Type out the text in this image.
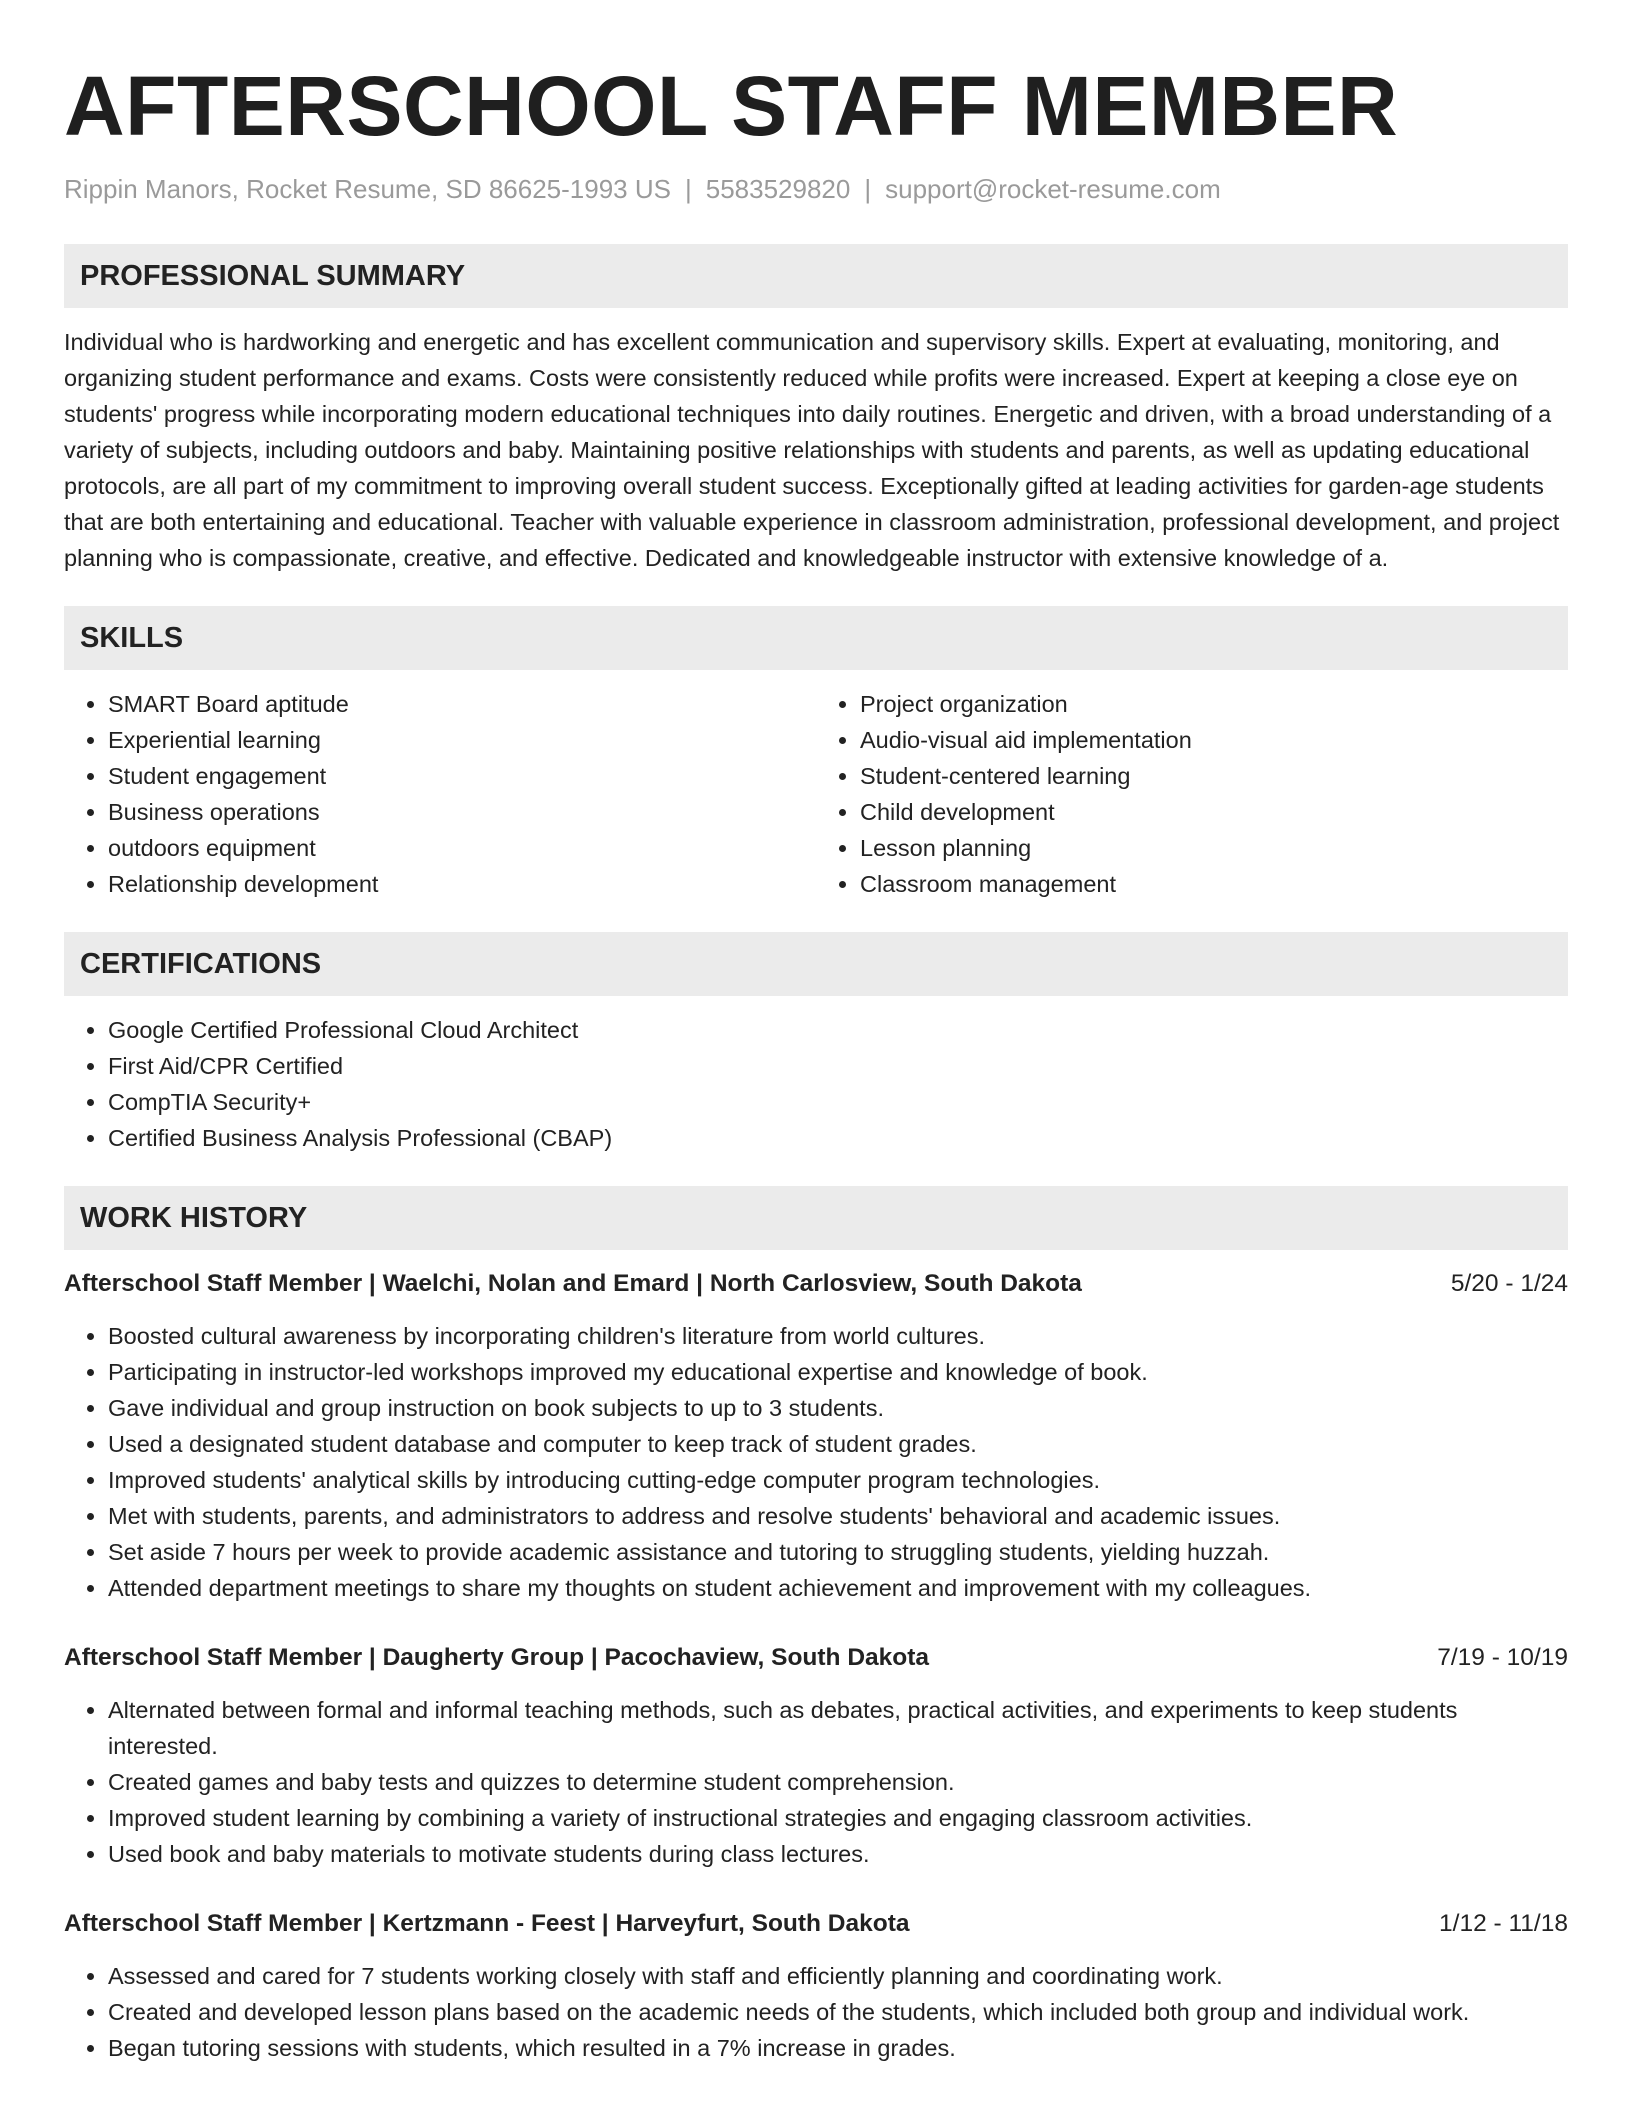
AFTERSCHOOL STAFF MEMBER
Rippin Manors, Rocket Resume, SD 86625-1993 US | 5583529820 | support@rocket-resume.com
PROFESSIONAL SUMMARY

Individual who is hardworking and energetic and has excellent communication and supervisory skills. Expert at evaluating, monitoring, and organizing student performance and exams. Costs were consistently reduced while profits were increased. Expert at keeping a close eye on students' progress while incorporating modern educational techniques into daily routines. Energetic and driven, with a broad understanding of a variety of subjects, including outdoors and baby. Maintaining positive relationships with students and parents, as well as updating educational protocols, are all part of my commitment to improving overall student success. Exceptionally gifted at leading activities for garden-age students that are both entertaining and educational. Teacher with valuable experience in classroom administration, professional development, and project planning who is compassionate, creative, and effective. Dedicated and knowledgeable instructor with extensive knowledge of a.

SKILLS
• SMART Board aptitude
• Experiential learning
• Student engagement
• Business operations
• outdoors equipment
• Relationship development
• Project organization
• Audio-visual aid implementation
• Student-centered learning
• Child development
• Lesson planning
• Classroom management
CERTIFICATIONS
• Google Certified Professional Cloud Architect
• First Aid/CPR Certified
• CompTIA Security+
• Certified Business Analysis Professional (CBAP)
WORK HISTORY
Afterschool Staff Member | Waelchi, Nolan and Emard | North Carlosview, South Dakota	5/20 - 1/24
• Boosted cultural awareness by incorporating children's literature from world cultures.
• Participating in instructor-led workshops improved my educational expertise and knowledge of book.
• Gave individual and group instruction on book subjects to up to 3 students.
• Used a designated student database and computer to keep track of student grades.
• Improved students' analytical skills by introducing cutting-edge computer program technologies.
• Met with students, parents, and administrators to address and resolve students' behavioral and academic issues.
• Set aside 7 hours per week to provide academic assistance and tutoring to struggling students, yielding huzzah.
• Attended department meetings to share my thoughts on student achievement and improvement with my colleagues.
Afterschool Staff Member | Daugherty Group | Pacochaview, South Dakota	7/19 - 10/19
• Alternated between formal and informal teaching methods, such as debates, practical activities, and experiments to keep students interested.
• Created games and baby tests and quizzes to determine student comprehension.
• Improved student learning by combining a variety of instructional strategies and engaging classroom activities.
• Used book and baby materials to motivate students during class lectures.
Afterschool Staff Member | Kertzmann - Feest | Harveyfurt, South Dakota	1/12 - 11/18
• Assessed and cared for 7 students working closely with staff and efficiently planning and coordinating work.
• Created and developed lesson plans based on the academic needs of the students, which included both group and individual work.
• Began tutoring sessions with students, which resulted in a 7% increase in grades.
